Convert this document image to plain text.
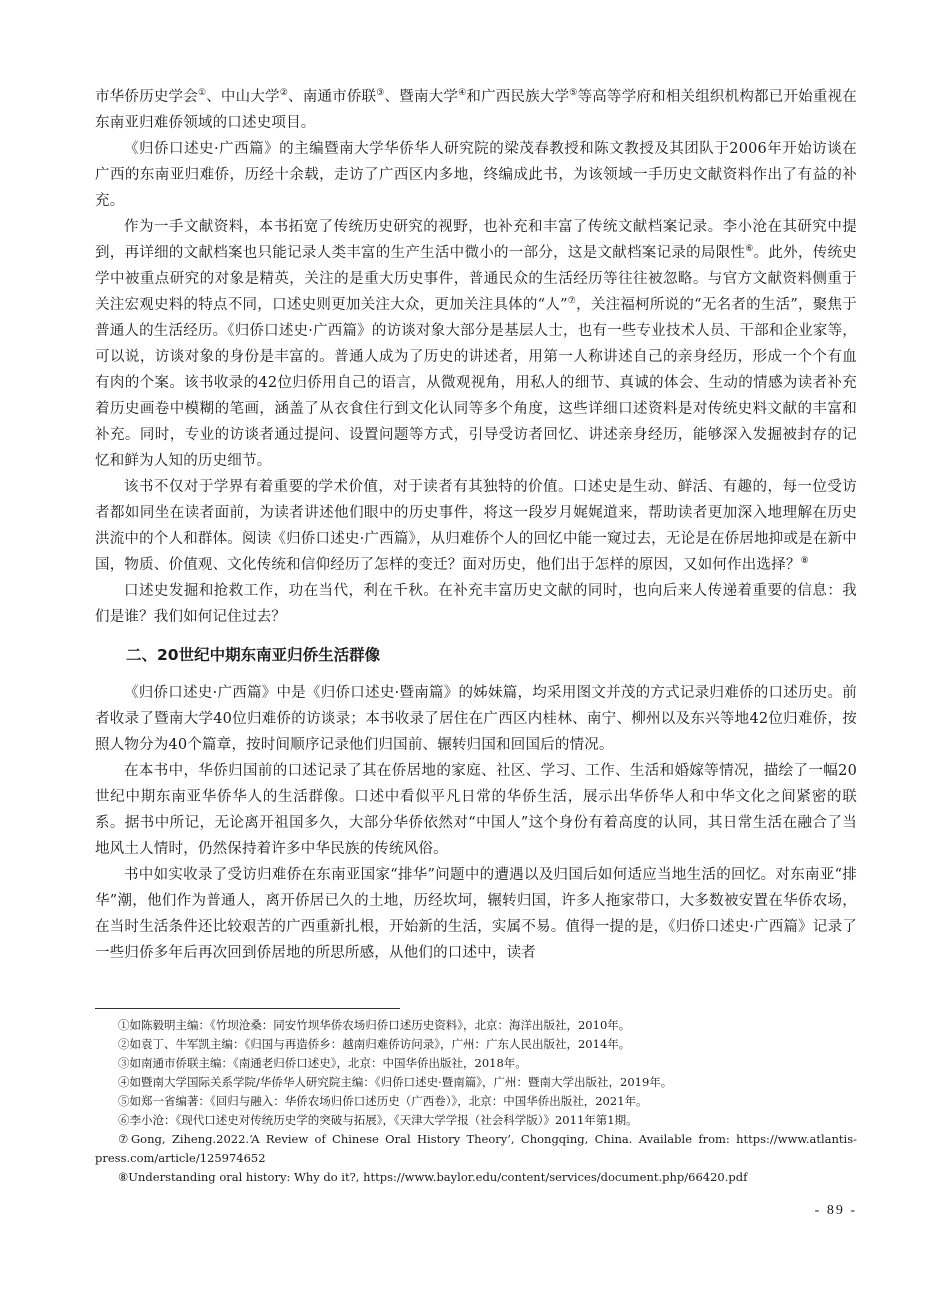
市华侨历史学会①、中山大学②、南通市侨联③、暨南大学④和广西民族大学⑤等高等学府和相关组织机构都已开始重视在东南亚归难侨领域的口述史项目。

《归侨口述史·广西篇》的主编暨南大学华侨华人研究院的梁茂春教授和陈文教授及其团队于2006年开始访谈在广西的东南亚归难侨，历经十余载，走访了广西区内多地，终编成此书，为该领域一手历史文献资料作出了有益的补充。

作为一手文献资料，本书拓宽了传统历史研究的视野，也补充和丰富了传统文献档案记录。李小沧在其研究中提到，再详细的文献档案也只能记录人类丰富的生产生活中微小的一部分，这是文献档案记录的局限性⑥。此外，传统史学中被重点研究的对象是精英，关注的是重大历史事件，普通民众的生活经历等往往被忽略。与官方文献资料侧重于关注宏观史料的特点不同，口述史则更加关注大众，更加关注具体的“人”⑦，关注福柯所说的“无名者的生活”，聚焦于普通人的生活经历。《归侨口述史·广西篇》的访谈对象大部分是基层人士，也有一些专业技术人员、干部和企业家等，可以说，访谈对象的身份是丰富的。普通人成为了历史的讲述者，用第一人称讲述自己的亲身经历，形成一个个有血有肉的个案。该书收录的42位归侨用自己的语言，从微观视角，用私人的细节、真诚的体会、生动的情感为读者补充着历史画卷中模糊的笔画，涵盖了从衣食住行到文化认同等多个角度，这些详细口述资料是对传统史料文献的丰富和补充。同时，专业的访谈者通过提问、设置问题等方式，引导受访者回忆、讲述亲身经历，能够深入发掘被封存的记忆和鲜为人知的历史细节。

该书不仅对于学界有着重要的学术价值，对于读者有其独特的价值。口述史是生动、鲜活、有趣的，每一位受访者都如同坐在读者面前，为读者讲述他们眼中的历史事件，将这一段岁月娓娓道来，帮助读者更加深入地理解在历史洪流中的个人和群体。阅读《归侨口述史·广西篇》，从归难侨个人的回忆中能一窥过去，无论是在侨居地抑或是在新中国，物质、价值观、文化传统和信仰经历了怎样的变迁？面对历史，他们出于怎样的原因，又如何作出选择？⑧

口述史发掘和抢救工作，功在当代，利在千秋。在补充丰富历史文献的同时，也向后来人传递着重要的信息：我们是谁？我们如何记住过去？

二、20世纪中期东南亚归侨生活群像

《归侨口述史·广西篇》中是《归侨口述史·暨南篇》的姊妹篇，均采用图文并茂的方式记录归难侨的口述历史。前者收录了暨南大学40位归难侨的访谈录；本书收录了居住在广西区内桂林、南宁、柳州以及东兴等地42位归难侨，按照人物分为40个篇章，按时间顺序记录他们归国前、辗转归国和回国后的情况。

在本书中，华侨归国前的口述记录了其在侨居地的家庭、社区、学习、工作、生活和婚嫁等情况，描绘了一幅20世纪中期东南亚华侨华人的生活群像。口述中看似平凡日常的华侨生活，展示出华侨华人和中华文化之间紧密的联系。据书中所记，无论离开祖国多久，大部分华侨依然对“中国人”这个身份有着高度的认同，其日常生活在融合了当地风土人情时，仍然保持着许多中华民族的传统风俗。

书中如实收录了受访归难侨在东南亚国家“排华”问题中的遭遇以及归国后如何适应当地生活的回忆。对东南亚“排华”潮，他们作为普通人，离开侨居已久的土地，历经坎坷，辗转归国，许多人拖家带口，大多数被安置在华侨农场，在当时生活条件还比较艰苦的广西重新扎根，开始新的生活，实属不易。值得一提的是，《归侨口述史·广西篇》记录了一些归侨多年后再次回到侨居地的所思所感，从他们的口述中，读者

①如陈毅明主编：《竹坝沧桑：同安竹坝华侨农场归侨口述历史资料》，北京：海洋出版社，2010年。

②如袁丁、牛军凯主编：《归国与再造侨乡：越南归难侨访问录》，广州：广东人民出版社，2014年。

③如南通市侨联主编：《南通老归侨口述史》，北京：中国华侨出版社，2018年。

④如暨南大学国际关系学院/华侨华人研究院主编：《归侨口述史·暨南篇》，广州：暨南大学出版社，2019年。

⑤如郑一省编著：《回归与融入：华侨农场归侨口述历史（广西卷）》，北京：中国华侨出版社，2021年。

⑥李小沧：《现代口述史对传统历史学的突破与拓展》，《天津大学学报（社会科学版）》2011年第1期。

⑦Gong, Ziheng.2022.‘A Review of Chinese Oral History Theory’, Chongqing, China. Available from: https://www.atlantis-press.com/article/125974652

⑧Understanding oral history: Why do it?, https://www.baylor.edu/content/services/document.php/66420.pdf

- 89 -
